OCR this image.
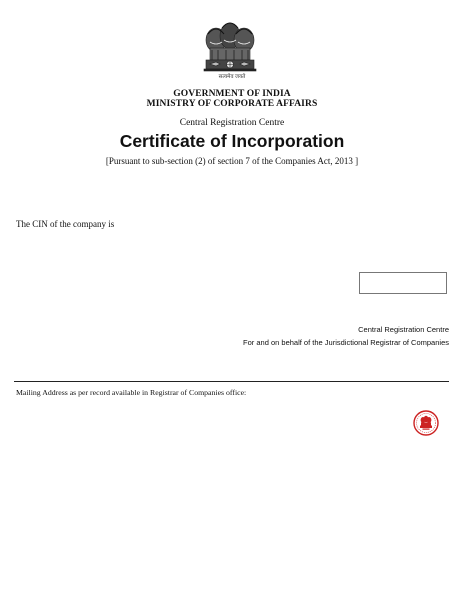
सत्यमेव जयते
GOVERNMENT OF INDIA
MINISTRY OF CORPORATE AFFAIRS
Central Registration Centre
Certificate of Incorporation
[Pursuant to sub-section (2) of section 7 of the Companies Act, 2013 ]
The CIN of the company is
Central Registration Centre
For and on behalf of the Jurisdictional Registrar of Companies
Mailing Address as per record available in Registrar of Companies office:
